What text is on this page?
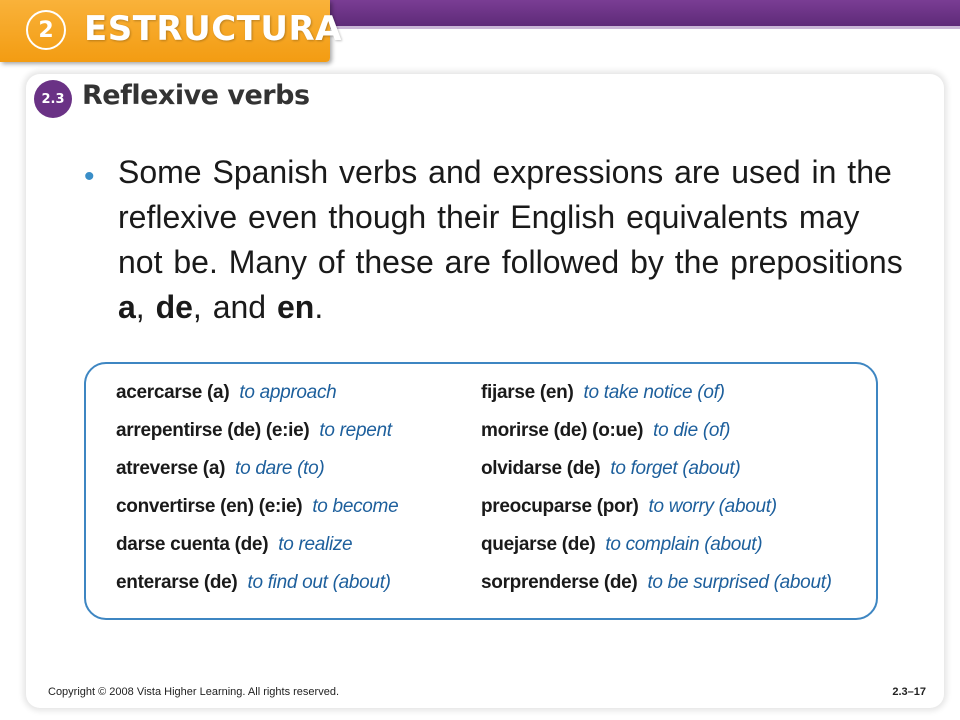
2 ESTRUCTURA
2.3 Reflexive verbs
• Some Spanish verbs and expressions are used in the reflexive even though their English equivalents may not be. Many of these are followed by the prepositions a, de, and en.
acercarse (a) to approach
arrepentirse (de) (e:ie) to repent
atreverse (a) to dare (to)
convertirse (en) (e:ie) to become
darse cuenta (de) to realize
enterarse (de) to find out (about)
fijarse (en) to take notice (of)
morirse (de) (o:ue) to die (of)
olvidarse (de) to forget (about)
preocuparse (por) to worry (about)
quejarse (de) to complain (about)
sorprenderse (de) to be surprised (about)
Copyright © 2008 Vista Higher Learning. All rights reserved.	2.3–17
